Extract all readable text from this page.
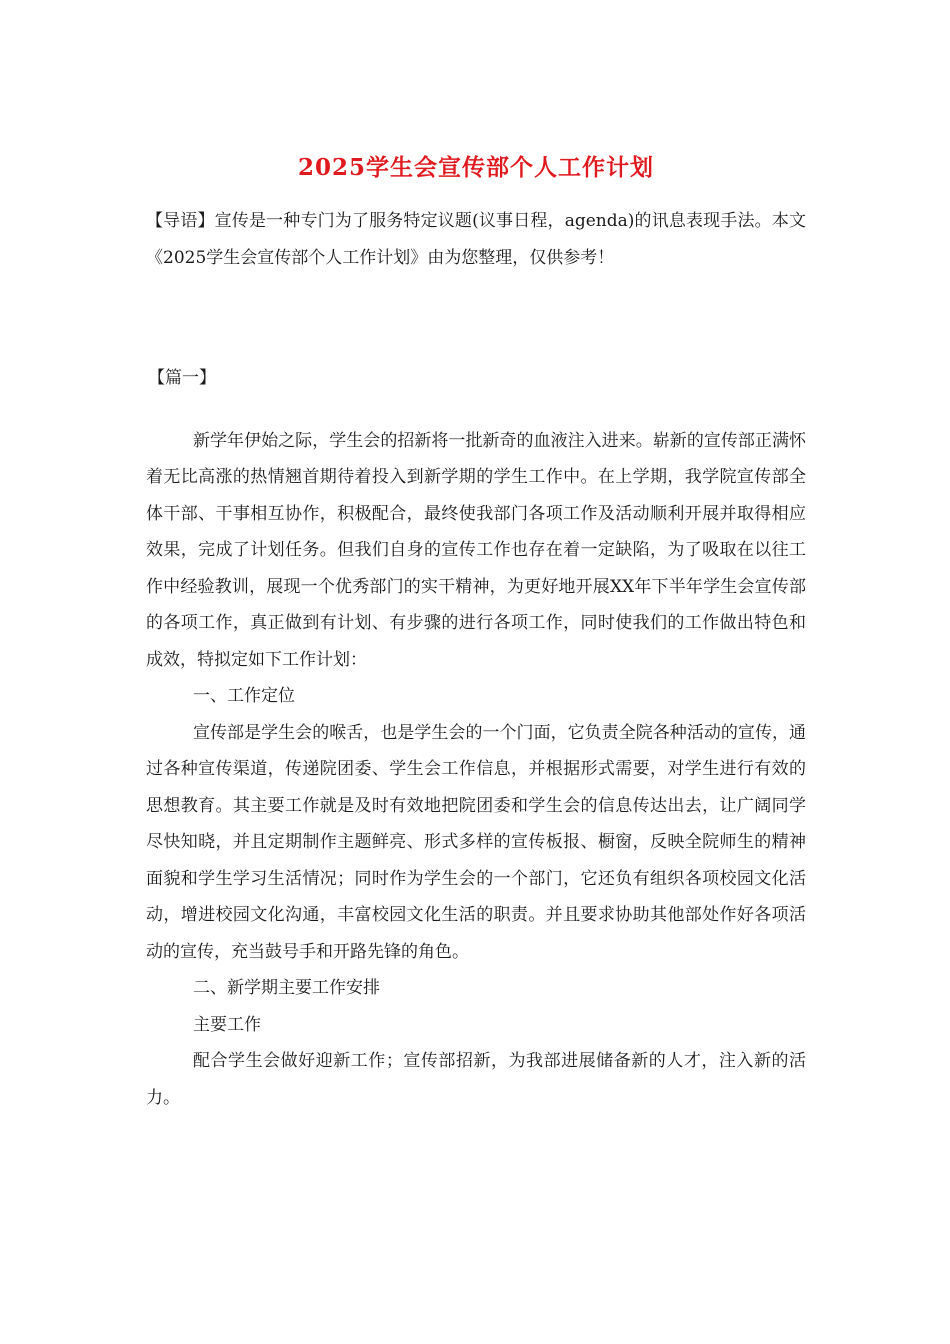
2025学生会宣传部个人工作计划

【导语】宣传是一种专门为了服务特定议题(议事日程，agenda)的讯息表现手法。本文《2025学生会宣传部个人工作计划》由为您整理，仅供参考！

【篇一】

新学年伊始之际，学生会的招新将一批新奇的血液注入进来。崭新的宣传部正满怀着无比高涨的热情翘首期待着投入到新学期的学生工作中。在上学期，我学院宣传部全体干部、干事相互协作，积极配合，最终使我部门各项工作及活动顺利开展并取得相应效果，完成了计划任务。但我们自身的宣传工作也存在着一定缺陷，为了吸取在以往工作中经验教训，展现一个优秀部门的实干精神，为更好地开展XX年下半年学生会宣传部的各项工作，真正做到有计划、有步骤的进行各项工作，同时使我们的工作做出特色和成效，特拟定如下工作计划：

一、工作定位

宣传部是学生会的喉舌，也是学生会的一个门面，它负责全院各种活动的宣传，通过各种宣传渠道，传递院团委、学生会工作信息，并根据形式需要，对学生进行有效的思想教育。其主要工作就是及时有效地把院团委和学生会的信息传达出去，让广阔同学尽快知晓，并且定期制作主题鲜亮、形式多样的宣传板报、橱窗，反映全院师生的精神面貌和学生学习生活情况；同时作为学生会的一个部门，它还负有组织各项校园文化活动，增进校园文化沟通，丰富校园文化生活的职责。并且要求协助其他部处作好各项活动的宣传，充当鼓号手和开路先锋的角色。

二、新学期主要工作安排

主要工作

配合学生会做好迎新工作；宣传部招新，为我部进展储备新的人才，注入新的活力。
